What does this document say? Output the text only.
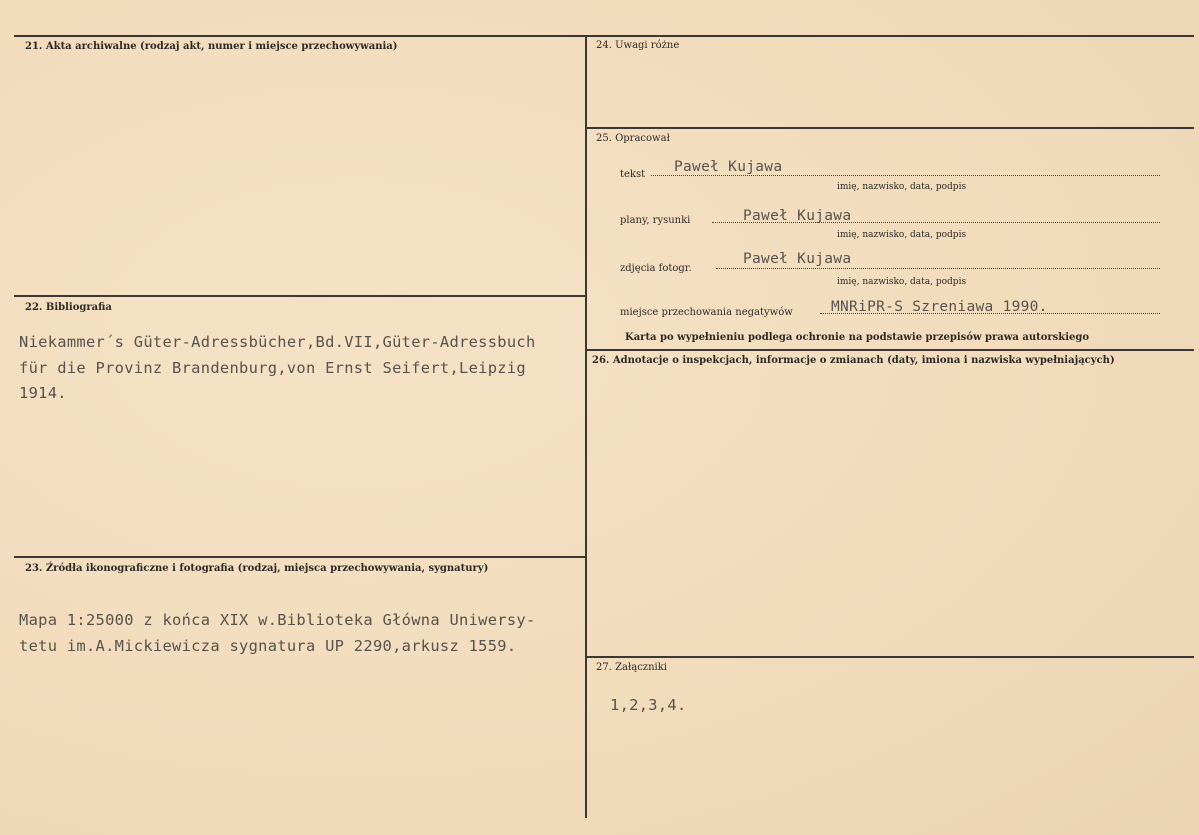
21. Akta archiwalne (rodzaj akt, numer i miejsce przechowywania)
22. Bibliografia
Niekammer´s Güter-Adressbücher,Bd.VII,Güter-Adressbuch
für die Provinz Brandenburg,von Ernst Seifert,Leipzig
1914.
23. Źródła ikonograficzne i fotografia (rodzaj, miejsca przechowywania, sygnatury)
Mapa 1:25000 z końca XIX w.Biblioteka Główna Uniwersy-
tetu im.A.Mickiewicza sygnatura UP 2290,arkusz 1559.
24. Uwagi różne
25. Opracował
tekst Paweł Kujawa
imię, nazwisko, data, podpis
plany, rysunki	Paweł Kujawa
imię, nazwisko, data, podpis
zdjęcia fotogr.
Paweł Kujawa
imię, nazwisko, data, podpis
miejsce przechowania negatywów	MNRiPR-S Szreniawa 1990.
Karta po wypełnieniu podlega ochronie na podstawie przepisów prawa autorskiego
26. Adnotacje o inspekcjach, informacje o zmianach (daty, imiona i nazwiska wypełniających)
27. Załączniki
1,2,3,4.
